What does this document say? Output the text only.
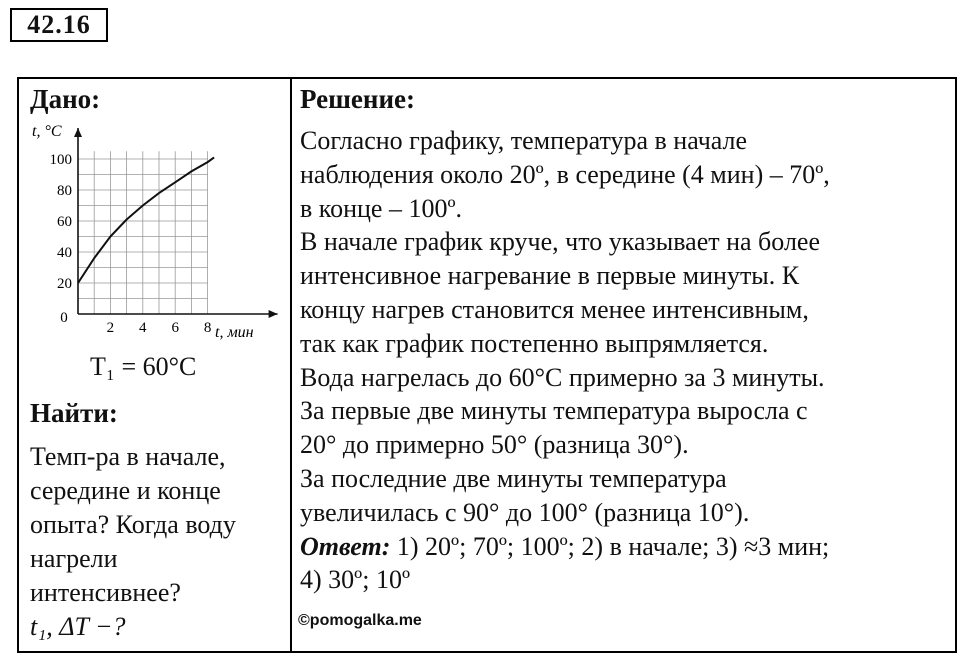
42.16
Дано:
20
40
60
80
100
2 4 6 8
0
t, °C
t, мин
T₁ = 60°C
Найти:
Темп-ра в начале,
середине и конце
опыта? Когда воду
нагрели
интенсивнее?
t₁, ΔT −?
Решение:
Согласно графику, температура в начале
наблюдения около 20º, в середине (4 мин) – 70º,
в конце – 100º.
В начале график круче, что указывает на более
интенсивное нагревание в первые минуты. К
концу нагрев становится менее интенсивным,
так как график постепенно выпрямляется.
Вода нагрелась до 60°C примерно за 3 минуты.
За первые две минуты температура выросла с
20° до примерно 50° (разница 30°).
За последние две минуты температура
увеличилась с 90° до 100° (разница 10°).
Ответ: 1) 20º; 70º; 100º; 2) в начале; 3) ≈3 мин;
4) 30º; 10º
©pomogalka.me
